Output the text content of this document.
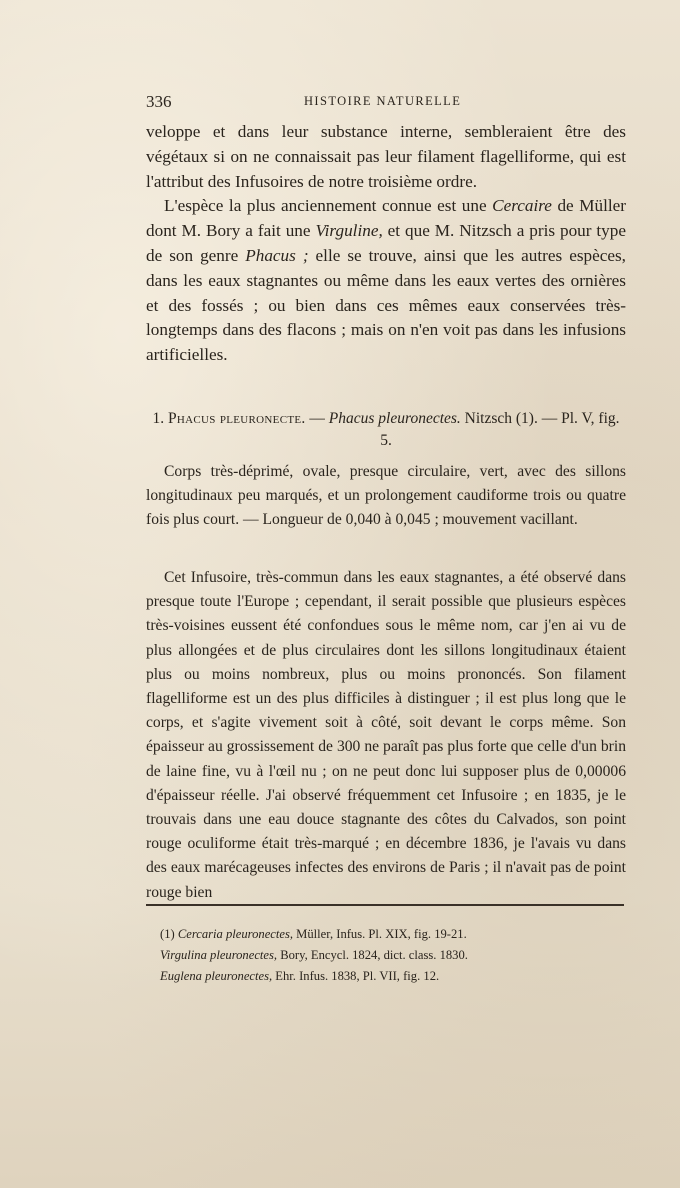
336	HISTOIRE NATURELLE

veloppe et dans leur substance interne, sembleraient être des végétaux si on ne connaissait pas leur filament flagelliforme, qui est l'attribut des Infusoires de notre troisième ordre.

L'espèce la plus anciennement connue est une Cercaire de Müller dont M. Bory a fait une Virguline, et que M. Nitzsch a pris pour type de son genre Phacus ; elle se trouve, ainsi que les autres espèces, dans les eaux stagnantes ou même dans les eaux vertes des ornières et des fossés ; ou bien dans ces mêmes eaux conservées très-longtemps dans des flacons ; mais on n'en voit pas dans les infusions artificielles.

1. Phacus pleuronecte. — Phacus pleuronectes. Nitzsch (1). — Pl. V, fig. 5.

Corps très-déprimé, ovale, presque circulaire, vert, avec des sillons longitudinaux peu marqués, et un prolongement caudiforme trois ou quatre fois plus court. — Longueur de 0,040 à 0,045 ; mouvement vacillant.

Cet Infusoire, très-commun dans les eaux stagnantes, a été observé dans presque toute l'Europe ; cependant, il serait possible que plusieurs espèces très-voisines eussent été confondues sous le même nom, car j'en ai vu de plus allongées et de plus circulaires dont les sillons longitudinaux étaient plus ou moins nombreux, plus ou moins prononcés. Son filament flagelliforme est un des plus difficiles à distinguer ; il est plus long que le corps, et s'agite vivement soit à côté, soit devant le corps même. Son épaisseur au grossissement de 300 ne paraît pas plus forte que celle d'un brin de laine fine, vu à l'œil nu ; on ne peut donc lui supposer plus de 0,00006 d'épaisseur réelle. J'ai observé fréquemment cet Infusoire ; en 1835, je le trouvais dans une eau douce stagnante des côtes du Calvados, son point rouge oculiforme était très-marqué ; en décembre 1836, je l'avais vu dans des eaux marécageuses infectes des environs de Paris ; il n'avait pas de point rouge bien

(1) Cercaria pleuronectes, Müller, Infus. Pl. XIX, fig. 19-21.

Virgulina pleuronectes, Bory, Encycl. 1824, dict. class. 1830.

Euglena pleuronectes, Ehr. Infus. 1838, Pl. VII, fig. 12.
